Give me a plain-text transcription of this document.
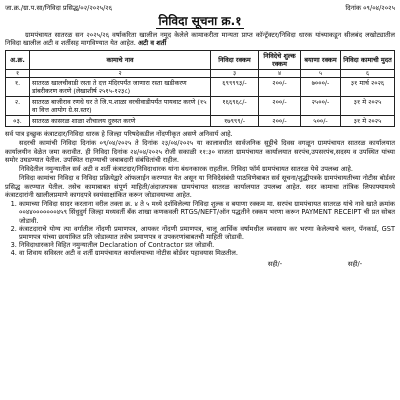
जा.क्र./ग्रा.प.सा/निविदा प्रसिद्ध/०२/२०२५/२६	दिनांक ०९/०४/२०२५
निविदा सूचना क्र.१

ग्रामपंचायत सातरळ सन २०२५/२६ वर्षाकरिता खालील नमूद केलेले कामाकरीता मान्यता प्राप्त कॉन्ट्रॅक्टर/निविदा धारक यांच्याकडून सीलबंद लखोट्यातील निविदा खालील अटी व शर्तीसह मागविण्यात येत आहेत. अटी व शर्ती

अ.क्र.	कामाचे नाव	निविदा रक्कम	निविदेचे शुल्क रक्कम	बयाणा रक्कम	निविदा कामाची मुदत
१	२	३	४	५	६
१.	सातरळ खालचीवाडी रस्ता ते दत्त मंदिरपर्यंत जाणारा रस्ता खडीकरण डांबरीकरण करणे (लेखाशीर्ष २५१५-१२३८)	६९९९९३/-	२००/-	७०००/-	३१ मार्च २०२६
२.	सातरळ बाजीराव रणधे घर ते जि.प.शाळा वरचीवाडीपर्यंत पायवाट करणे (१५ वा वित्त आयोग ग्रे.स.स्तर)	१६६९६८/-	२००/-	२५००/-	३१ मे २०२५
०३.	सातरळ कासरळ शाळा शौचालय दुरुस्त करणे	१७९९९/-	२००/-	५००/-	३१ मे २०२५

सर्व पात्र इच्छुक कंत्राटदार/निविदा धारक हे जिल्हा परिषदेकडील नोंदणीकृत असणे अनिवार्य आहे.

सदरची कामांची निविदा दिनांक ०९/०४/२०२५ ते दिनांक २३/०४/२०२५ या कालावधीत सार्वजनिक सुट्टीचे दिवस वगळून ग्रामपंचायत सातरळ कार्यालयात कार्यालयीन वेळेत जमा करावीत. ही निविदा दिनांक २४/०४/२०२५ रोजी सकाळी ११:३० वाजता ग्रामपंचायत कार्यालयात सरपंच,उपसरपंच,सदस्य व उपस्थित यांच्या समोर उघडण्यात येतील. उपस्थित राहण्याची जबाबदारी संबंधितांची राहील.

निविदेतील नमुन्यातील सर्व अटी व शर्ती कंत्राटदार/निविदाधारक यांना बंधनकारक राहतील. निविदा फॉर्म ग्रामपंचायत सातरळ येथे उपलब्ध आहे.

निविदा कामांचा निविदा व निविदा प्रक्रियेद्वारे ऑफलाईन करण्यात येत असून या निविदेसंबंधी पाठविणेबाबत सर्व सूचना/शुद्धीपत्रके ग्रामपंचायतीच्या नोटीस बोर्डवर प्रसिद्ध करण्यात येतील. तसेच कामाबाबत संपूर्ण माहिती/अंदाजपत्रक ग्रामपंचायत सातरळ कार्यालयात उपलब्ध आहेत. सदर कामाचा तांत्रिक लिफाफ्यामध्ये कंत्राटदारांनी खालीलप्रमाणे कागदपत्रे स्वयंसाक्षांकित करून जोडावयाच्या आहेत.

1. कामाच्या निविदा सादर करताना वरील तक्ता क्र. ४ ते ५ मध्ये दर्शविलेल्या निविदा शुल्क व बयाणा रक्कम मा. सरपंच ग्रामपंचायत सातरळ यांचे नावे खाते क्रमांक ००४४०००००००४५९ सिंधुदुर्ग जिल्हा मध्यवर्ती बँक शाखा कणकवली RTGS/NEFT/ऑन पद्धतीने रक्कम भरणा करून PAYMENT RECEIPT ची प्रत सोबत जोडावी.
2. कंत्राटदाराचे योग्य त्या वर्गातील नोंदणी प्रमाणपत्र, आयकर नोंदणी प्रमाणपत्र, चालू आर्थिक वर्षामधील व्यवसाय कर भरणा केलेल्याचे चलन, पॅनकार्ड, GST प्रमाणपत्र यांच्या छायांकित प्रति जोडाव्यात तसेच प्रमाणपत्र व उपकरणांबाबतची माहिती जोडावी.
3. निविदाधारकाने विहित नमुन्यातील Declaration of Contractor प्रत जोडावी.
4. वा शिवाय सविस्तर अटी व शर्ती ग्रामपंचायत कार्यालयाच्या नोटीस बोर्डवर पहावयास मिळतील.
सही/-	सही/-
